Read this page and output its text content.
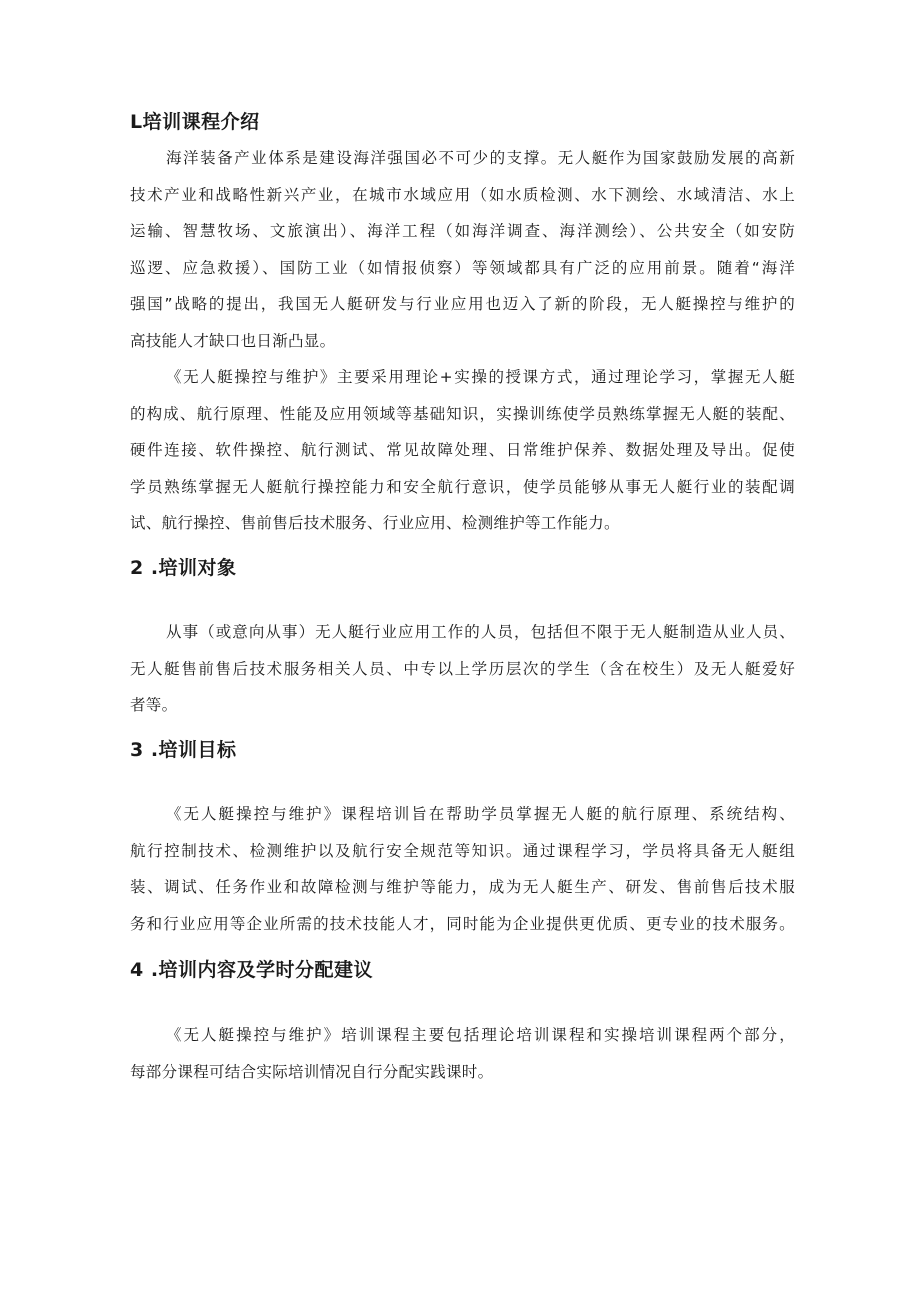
L培训课程介绍
海洋装备产业体系是建设海洋强国必不可少的支撑。无人艇作为国家鼓励发展的高新
技术产业和战略性新兴产业，在城市水域应用（如水质检测、水下测绘、水域清洁、水上
运输、智慧牧场、文旅演出）、海洋工程（如海洋调查、海洋测绘）、公共安全（如安防
巡逻、应急救援）、国防工业（如情报侦察）等领域都具有广泛的应用前景。随着“海洋
强国”战略的提出，我国无人艇研发与行业应用也迈入了新的阶段，无人艇操控与维护的
高技能人才缺口也日渐凸显。
《无人艇操控与维护》主要采用理论+实操的授课方式，通过理论学习，掌握无人艇
的构成、航行原理、性能及应用领域等基础知识，实操训练使学员熟练掌握无人艇的装配、
硬件连接、软件操控、航行测试、常见故障处理、日常维护保养、数据处理及导出。促使
学员熟练掌握无人艇航行操控能力和安全航行意识，使学员能够从事无人艇行业的装配调
试、航行操控、售前售后技术服务、行业应用、检测维护等工作能力。
2 .培训对象
从事（或意向从事）无人艇行业应用工作的人员，包括但不限于无人艇制造从业人员、
无人艇售前售后技术服务相关人员、中专以上学历层次的学生（含在校生）及无人艇爱好
者等。
3 .培训目标
《无人艇操控与维护》课程培训旨在帮助学员掌握无人艇的航行原理、系统结构、
航行控制技术、检测维护以及航行安全规范等知识。通过课程学习，学员将具备无人艇组
装、调试、任务作业和故障检测与维护等能力，成为无人艇生产、研发、售前售后技术服
务和行业应用等企业所需的技术技能人才，同时能为企业提供更优质、更专业的技术服务。
4 .培训内容及学时分配建议
《无人艇操控与维护》培训课程主要包括理论培训课程和实操培训课程两个部分，
每部分课程可结合实际培训情况自行分配实践课时。
